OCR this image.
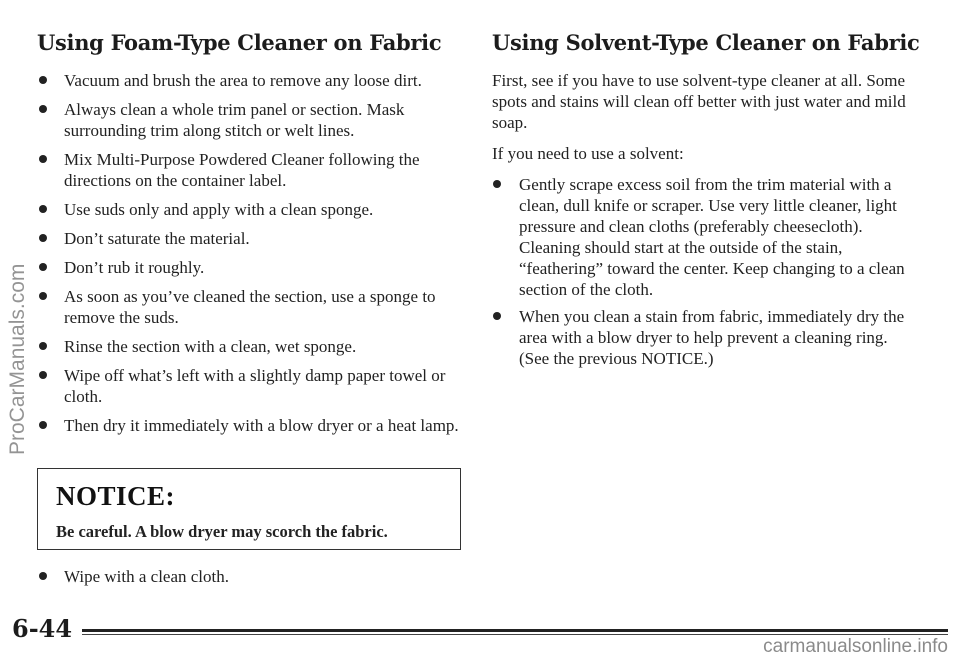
Using Foam-Type Cleaner on Fabric
Vacuum and brush the area to remove any loose dirt.
Always clean a whole trim panel or section. Mask surrounding trim along stitch or welt lines.
Mix Multi-Purpose Powdered Cleaner following the directions on the container label.
Use suds only and apply with a clean sponge.
Don’t saturate the material.
Don’t rub it roughly.
As soon as you’ve cleaned the section, use a sponge to remove the suds.
Rinse the section with a clean, wet sponge.
Wipe off what’s left with a slightly damp paper towel or cloth.
Then dry it immediately with a blow dryer or a heat lamp.
NOTICE:
Be careful. A blow dryer may scorch the fabric.
Wipe with a clean cloth.
Using Solvent-Type Cleaner on Fabric

First, see if you have to use solvent-type cleaner at all. Some spots and stains will clean off better with just water and mild soap.

If you need to use a solvent:

Gently scrape excess soil from the trim material with a clean, dull knife or scraper. Use very little cleaner, light pressure and clean cloths (preferably cheesecloth). Cleaning should start at the outside of the stain, “feathering” toward the center. Keep changing to a clean section of the cloth.
When you clean a stain from fabric, immediately dry the area with a blow dryer to help prevent a cleaning ring. (See the previous NOTICE.)
6-44
ProCarManuals.com
carmanualsonline.info
